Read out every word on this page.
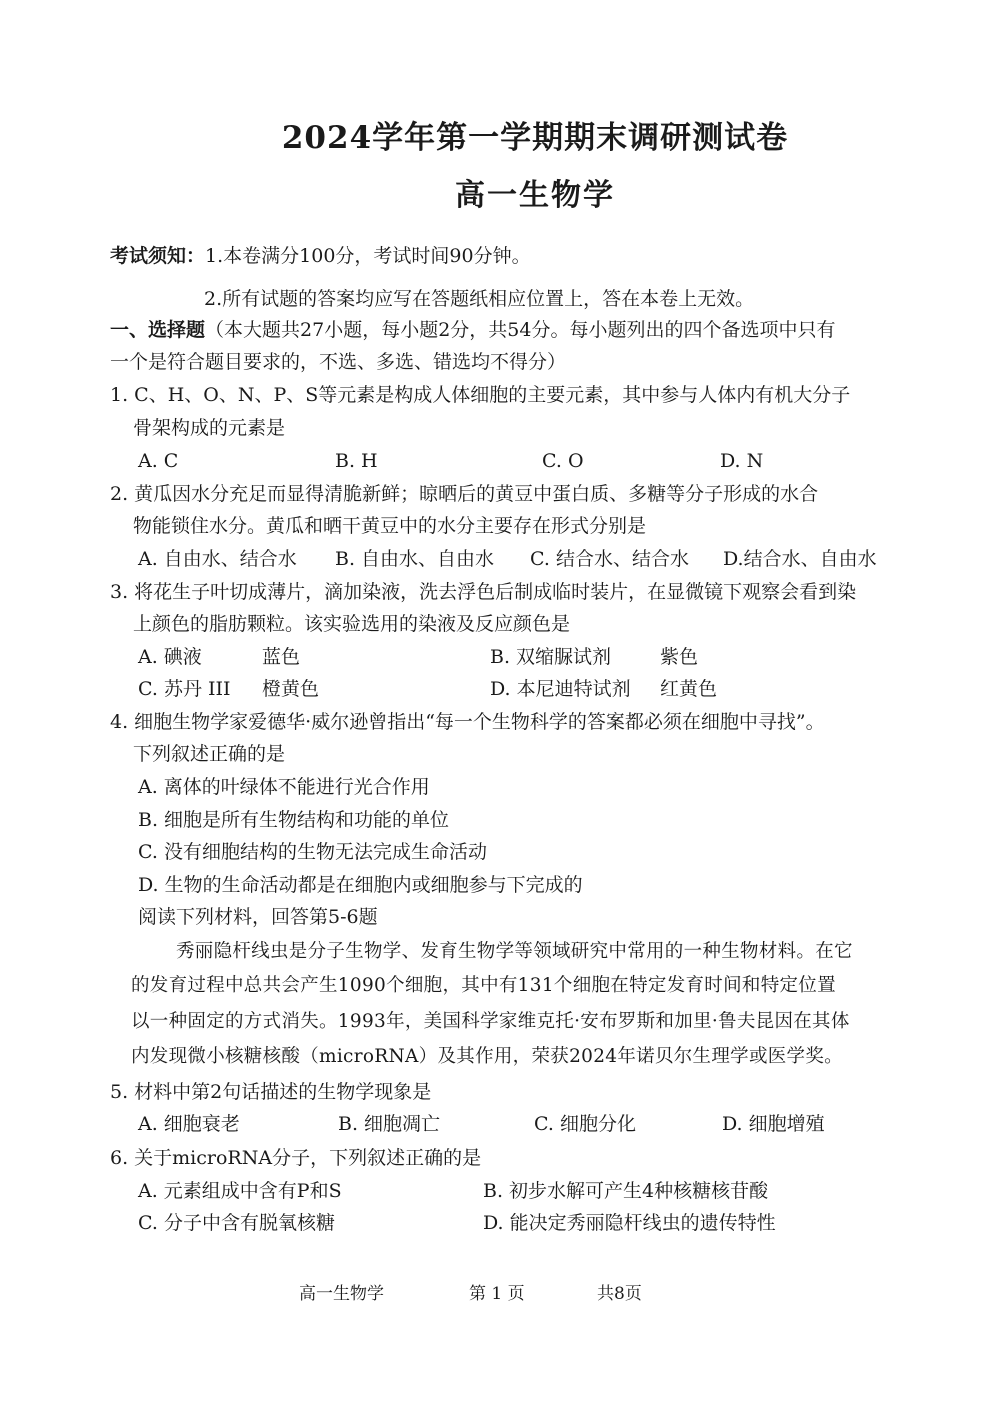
2024学年第一学期期末调研测试卷
高一生物学
考试须知：1.本卷满分100分，考试时间90分钟。
2.所有试题的答案均应写在答题纸相应位置上，答在本卷上无效。
一、选择题（本大题共27小题，每小题2分，共54分。每小题列出的四个备选项中只有
一个是符合题目要求的，不选、多选、错选均不得分）
1. C、H、O、N、P、S等元素是构成人体细胞的主要元素，其中参与人体内有机大分子
骨架构成的元素是
A. C	B. H	C. O	D. N
2. 黄瓜因水分充足而显得清脆新鲜；晾晒后的黄豆中蛋白质、多糖等分子形成的水合
物能锁住水分。黄瓜和晒干黄豆中的水分主要存在形式分别是
A. 自由水、结合水 B. 自由水、自由水 C. 结合水、结合水 D.结合水、自由水
3. 将花生子叶切成薄片，滴加染液，洗去浮色后制成临时装片，在显微镜下观察会看到染
上颜色的脂肪颗粒。该实验选用的染液及反应颜色是
A. 碘液	蓝色	B. 双缩脲试剂	紫色
C. 苏丹 III 橙黄色	D. 本尼迪特试剂 红黄色
4. 细胞生物学家爱德华·威尔逊曾指出“每一个生物科学的答案都必须在细胞中寻找”。
下列叙述正确的是
A. 离体的叶绿体不能进行光合作用
B. 细胞是所有生物结构和功能的单位
C. 没有细胞结构的生物无法完成生命活动
D. 生物的生命活动都是在细胞内或细胞参与下完成的
阅读下列材料，回答第5-6题
秀丽隐杆线虫是分子生物学、发育生物学等领域研究中常用的一种生物材料。在它
的发育过程中总共会产生1090个细胞，其中有131个细胞在特定发育时间和特定位置
以一种固定的方式消失。1993年，美国科学家维克托·安布罗斯和加里·鲁夫昆因在其体
内发现微小核糖核酸（microRNA）及其作用，荣获2024年诺贝尔生理学或医学奖。
5. 材料中第2句话描述的生物学现象是
A. 细胞衰老	B. 细胞凋亡	C. 细胞分化	D. 细胞增殖
6. 关于microRNA分子，下列叙述正确的是
A. 元素组成中含有P和S	B. 初步水解可产生4种核糖核苷酸
C. 分子中含有脱氧核糖	D. 能决定秀丽隐杆线虫的遗传特性
高一生物学	第 1 页	共8页
